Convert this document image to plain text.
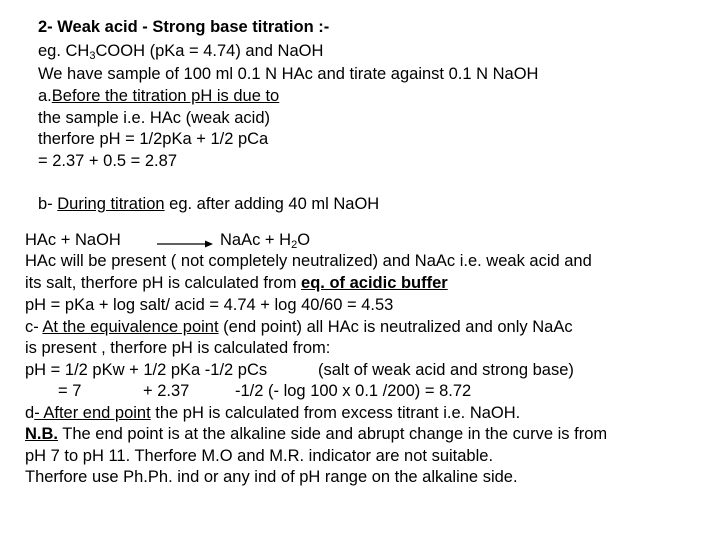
2- Weak acid - Strong base titration :-
eg. $CH_3COOH$ (pKa = 4.74) and NaOH
We have sample of 100 ml 0.1 N HAc and tirate against 0.1 N NaOH
a.Before the titration pH is due to
the sample i.e. HAc (weak acid)
therfore pH = 1/2pKa + 1/2 pCa
= 2.37 + 0.5 = 2.87
b- During titration eg. after adding 40 ml NaOH
HAc + NaOH → NaAc + $H_2O$
HAc will be present ( not completely neutralized) and NaAc i.e. weak acid and
its salt, therfore pH is calculated from eq. of acidic buffer
pH = pKa + log salt/ acid = 4.74 + log 40/60 = 4.53
c- At the equivalence point (end point) all HAc is neutralized and only NaAc
is present , therfore pH is calculated from:
pH = 1/2 pKw + 1/2 pKa -1/2 pCs	(salt of weak acid and strong base)
= 7	+ 2.37	-1/2 (- log 100 x 0.1 /200) = 8.72
d- After end point the pH is calculated from excess titrant i.e. NaOH.
N.B. The end point is at the alkaline side and abrupt change in the curve is from
pH 7 to pH 11. Therfore M.O and M.R. indicator are not suitable.
Therfore use Ph.Ph. ind or any ind of pH range on the alkaline side.
